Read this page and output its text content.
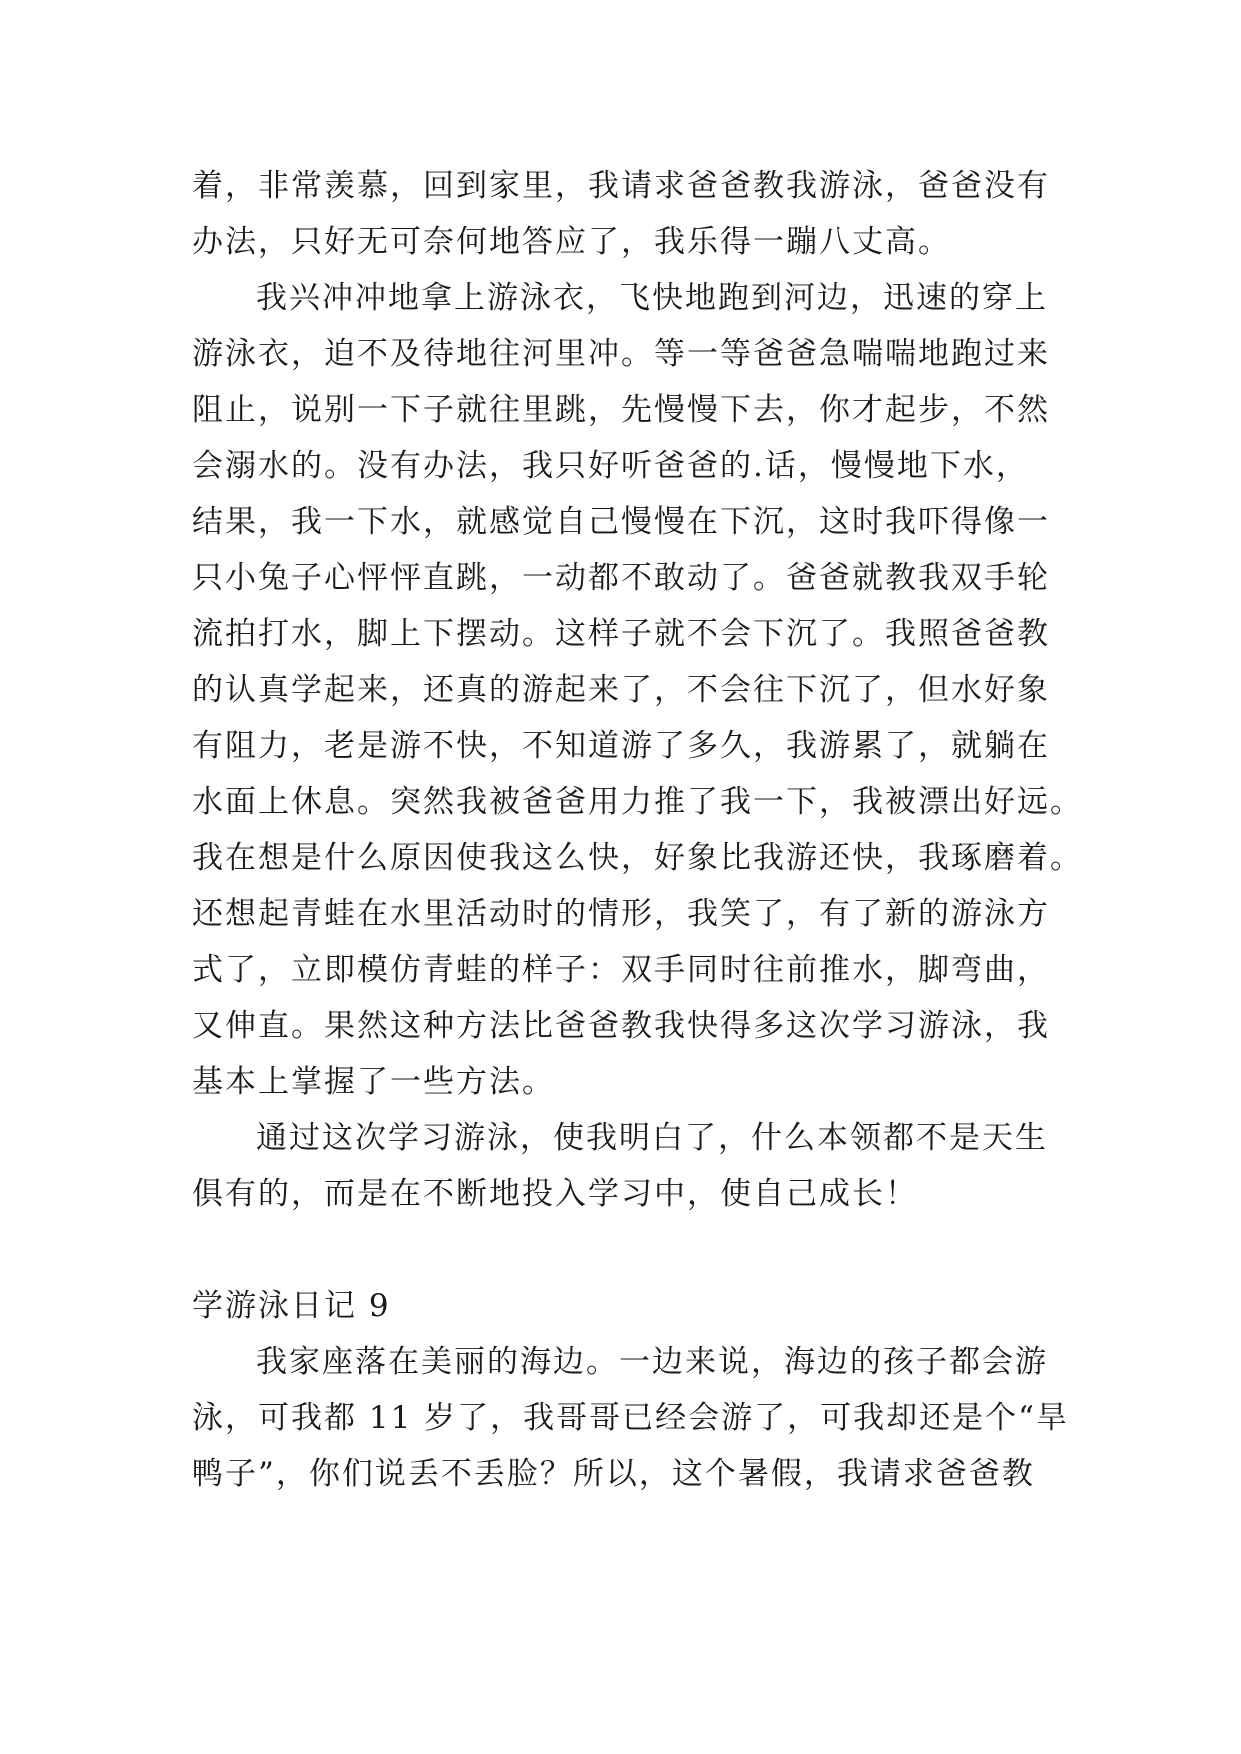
着，非常羡慕，回到家里，我请求爸爸教我游泳，爸爸没有
办法，只好无可奈何地答应了，我乐得一蹦八丈高。
我兴冲冲地拿上游泳衣，飞快地跑到河边，迅速的穿上
游泳衣，迫不及待地往河里冲。等一等爸爸急喘喘地跑过来
阻止，说别一下子就往里跳，先慢慢下去，你才起步，不然
会溺水的。没有办法，我只好听爸爸的.话，慢慢地下水，
结果，我一下水，就感觉自己慢慢在下沉，这时我吓得像一
只小兔子心怦怦直跳，一动都不敢动了。爸爸就教我双手轮
流拍打水，脚上下摆动。这样子就不会下沉了。我照爸爸教
的认真学起来，还真的游起来了，不会往下沉了，但水好象
有阻力，老是游不快，不知道游了多久，我游累了，就躺在
水面上休息。突然我被爸爸用力推了我一下，我被漂出好远。
我在想是什么原因使我这么快，好象比我游还快，我琢磨着。
还想起青蛙在水里活动时的情形，我笑了，有了新的游泳方
式了，立即模仿青蛙的样子：双手同时往前推水，脚弯曲，
又伸直。果然这种方法比爸爸教我快得多这次学习游泳，我
基本上掌握了一些方法。
通过这次学习游泳，使我明白了，什么本领都不是天生
俱有的，而是在不断地投入学习中，使自己成长！
学游泳日记 9
我家座落在美丽的海边。一边来说，海边的孩子都会游
泳，可我都 11 岁了，我哥哥已经会游了，可我却还是个“旱
鸭子”，你们说丢不丢脸？所以，这个暑假，我请求爸爸教
